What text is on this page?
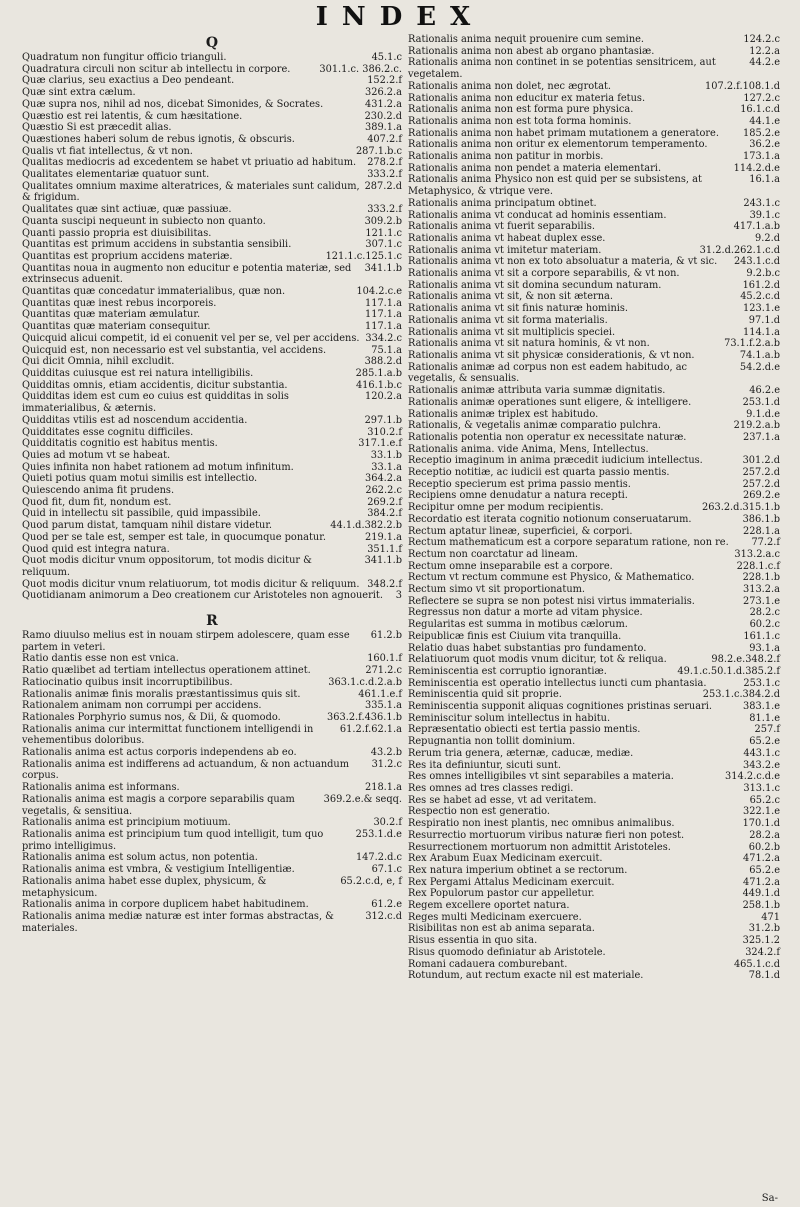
INDEX
Q
45.1.c
Quadratum non fungitur officio trianguli.
301.1.c. 386.2.c.
Quadratura circuli non scitur ab intellectu in corpore.
152.2.f
Quæ clarius, seu exactius a Deo pendeant.
326.2.a
Quæ sint extra cælum.
431.2.a
Quæ supra nos, nihil ad nos, dicebat Simonides, & Socrates.
230.2.d
Quæstio est rei latentis, & cum hæsitatione.
389.1.a
Quæstio Si est præcedit alias.
407.2.f
Quæstiones haberi solum de rebus ignotis, & obscuris.
287.1.b.c
Qualis vt fiat intellectus, & vt non.
278.2.f
Qualitas mediocris ad excedentem se habet vt priuatio ad habitum.
333.2.f
Qualitates elementariæ quatuor sunt.
287.2.d
Qualitates omnium maxime alteratrices, & materiales sunt calidum, & frigidum.
333.2.f
Qualitates quæ sint actiuæ, quæ passiuæ.
309.2.b
Quanta suscipi nequeunt in subiecto non quanto.
121.1.c
Quanti passio propria est diuisibilitas.
307.1.c
Quantitas est primum accidens in substantia sensibili.
121.1.c.125.1.c
Quantitas est proprium accidens materiæ.
341.1.b
Quantitas noua in augmento non educitur e potentia materiæ, sed extrinsecus aduenit.
104.2.c.e
Quantitas quæ concedatur immaterialibus, quæ non.
117.1.a
Quantitas quæ inest rebus incorporeis.
117.1.a
Quantitas quæ materiam æmulatur.
117.1.a
Quantitas quæ materiam consequitur.
334.2.c
Quicquid alicui competit, id ei conuenit vel per se, vel per accidens.
75.1.a
Quicquid est, non necessario est vel substantia, vel accidens.
388.2.d
Qui dicit Omnia, nihil excludit.
285.1.a.b
Quidditas cuiusque est rei natura intelligibilis.
416.1.b.c
Quidditas omnis, etiam accidentis, dicitur substantia.
120.2.a
Quidditas idem est cum eo cuius est quidditas in solis immaterialibus, & æternis.
297.1.b
Quidditas vtilis est ad noscendum accidentia.
310.2.f
Quidditates esse cognitu difficiles.
317.1.e.f
Quidditatis cognitio est habitus mentis.
33.1.b
Quies ad motum vt se habeat.
33.1.a
Quies infinita non habet rationem ad motum infinitum.
364.2.a
Quieti potius quam motui similis est intellectio.
262.2.c
Quiescendo anima fit prudens.
269.2.f
Quod fit, dum fit, nondum est.
384.2.f
Quid in intellectu sit passibile, quid impassibile.
44.1.d.382.2.b
Quod parum distat, tamquam nihil distare videtur.
219.1.a
Quod per se tale est, semper est tale, in quocumque ponatur.
351.1.f
Quod quid est integra natura.
341.1.b
Quot modis dicitur vnum oppositorum, tot modis dicitur & reliquum.
348.2.f
Quot modis dicitur vnum relatiuorum, tot modis dicitur & reliquum.
3
Quotidianam animorum a Deo creationem cur Aristoteles non agnouerit.
R
61.2.b
Ramo diuulso melius est in nouam stirpem adolescere, quam esse partem in veteri.
160.1.f
Ratio dantis esse non est vnica.
271.2.c
Ratio quælibet ad tertiam intellectus operationem attinet.
363.1.c.d.2.a.b
Ratiocinatio quibus insit incorruptibilibus.
461.1.e.f
Rationalis animæ finis moralis præstantissimus quis sit.
335.1.a
Rationalem animam non corrumpi per accidens.
363.2.f.436.1.b
Rationales Porphyrio sumus nos, & Dii, & quomodo.
61.2.f.62.1.a
Rationalis anima cur intermittat functionem intelligendi in vehementibus doloribus.
43.2.b
Rationalis anima est actus corporis independens ab eo.
31.2.c
Rationalis anima est indifferens ad actuandum, & non actuandum corpus.
218.1.a
Rationalis anima est informans.
369.2.e.& seqq.
Rationalis anima est magis a corpore separabilis quam vegetalis, & sensitiua.
30.2.f
Rationalis anima est principium motiuum.
253.1.d.e
Rationalis anima est principium tum quod intelligit, tum quo primo intelligimus.
147.2.d.c
Rationalis anima est solum actus, non potentia.
67.1.c
Rationalis anima est vmbra, & vestigium Intelligentiæ.
65.2.c.d, e, f
Rationalis anima habet esse duplex, physicum, & metaphysicum.
61.2.e
Rationalis anima in corpore duplicem habet habitudinem.
312.c.d
Rationalis anima mediæ naturæ est inter formas abstractas, & materiales.
124.2.c
Rationalis anima nequit prouenire cum semine.
12.2.a
Rationalis anima non abest ab organo phantasiæ.
44.2.e
Rationalis anima non continet in se potentias sensitricem, aut vegetalem.
107.2.f.108.1.d
Rationalis anima non dolet, nec ægrotat.
127.2.c
Rationalis anima non educitur ex materia fetus.
16.1.c.d
Rationalis anima non est forma pure physica.
44.1.e
Rationalis anima non est tota forma hominis.
185.2.e
Rationalis anima non habet primam mutationem a generatore.
36.2.e
Rationalis anima non oritur ex elementorum temperamento.
173.1.a
Rationalis anima non patitur in morbis.
114.2.d.e
Rationalis anima non pendet a materia elementari.
16.1.a
Rationalis anima Physico non est quid per se subsistens, at Metaphysico, & vtrique vere.
243.1.c
Rationalis anima principatum obtinet.
39.1.c
Rationalis anima vt conducat ad hominis essentiam.
417.1.a.b
Rationalis anima vt fuerit separabilis.
9.2.d
Rationalis anima vt habeat duplex esse.
31.2.d.262.1.c.d
Rationalis anima vt imitetur materiam.
243.1.c.d
Rationalis anima vt non ex toto absoluatur a materia, & vt sic.
9.2.b.c
Rationalis anima vt sit a corpore separabilis, & vt non.
161.2.d
Rationalis anima vt sit domina secundum naturam.
45.2.c.d
Rationalis anima vt sit, & non sit æterna.
123.1.e
Rationalis anima vt sit finis naturæ hominis.
97.1.d
Rationalis anima vt sit forma materialis.
114.1.a
Rationalis anima vt sit multiplicis speciei.
73.1.f.2.a.b
Rationalis anima vt sit natura hominis, & vt non.
74.1.a.b
Rationalis anima vt sit physicæ considerationis, & vt non.
54.2.d.e
Rationalis animæ ad corpus non est eadem habitudo, ac vegetalis, & sensualis.
46.2.e
Rationalis animæ attributa varia summæ dignitatis.
253.1.d
Rationalis animæ operationes sunt eligere, & intelligere.
9.1.d.e
Rationalis animæ triplex est habitudo.
219.2.a.b
Rationalis, & vegetalis animæ comparatio pulchra.
237.1.a
Rationalis potentia non operatur ex necessitate naturæ.
Rationalis anima. vide Anima, Mens, Intellectus.
301.2.d
Receptio imaginum in anima præcedit iudicium intellectus.
257.2.d
Receptio notitiæ, ac iudicii est quarta passio mentis.
257.2.d
Receptio specierum est prima passio mentis.
269.2.e
Recipiens omne denudatur a natura recepti.
263.2.d.315.1.b
Recipitur omne per modum recipientis.
386.1.b
Recordatio est iterata cognitio notionum conseruatarum.
228.1.a
Rectum aptatur lineæ, superficiei, & corpori.
77.2.f
Rectum mathematicum est a corpore separatum ratione, non re.
313.2.a.c
Rectum non coarctatur ad lineam.
228.1.c.f
Rectum omne inseparabile est a corpore.
228.1.b
Rectum vt rectum commune est Physico, & Mathematico.
313.2.a
Rectum simo vt sit proportionatum.
273.1.e
Reflectere se supra se non potest nisi virtus immaterialis.
28.2.c
Regressus non datur a morte ad vitam physice.
60.2.c
Regularitas est summa in motibus cælorum.
161.1.c
Reipublicæ finis est Ciuium vita tranquilla.
93.1.a
Relatio duas habet substantias pro fundamento.
98.2.e.348.2.f
Relatiuorum quot modis vnum dicitur, tot & reliqua.
49.1.c.50.1.d.385.2.f
Reminiscentia est corruptio ignorantiæ.
253.1.c
Reminiscentia est operatio intellectus iuncti cum phantasia.
253.1.c.384.2.d
Reminiscentia quid sit proprie.
383.1.e
Reminiscentia supponit aliquas cognitiones pristinas seruari.
81.1.e
Reminiscitur solum intellectus in habitu.
257.f
Repræsentatio obiecti est tertia passio mentis.
65.2.e
Repugnantia non tollit dominium.
443.1.c
Rerum tria genera, æternæ, caducæ, mediæ.
343.2.e
Res ita definiuntur, sicuti sunt.
314.2.c.d.e
Res omnes intelligibiles vt sint separabiles a materia.
313.1.c
Res omnes ad tres classes redigi.
65.2.c
Res se habet ad esse, vt ad veritatem.
322.1.e
Respectio non est generatio.
170.1.d
Respiratio non inest plantis, nec omnibus animalibus.
28.2.a
Resurrectio mortuorum viribus naturæ fieri non potest.
60.2.b
Resurrectionem mortuorum non admittit Aristoteles.
471.2.a
Rex Arabum Euax Medicinam exercuit.
65.2.e
Rex natura imperium obtinet a se rectorum.
471.2.a
Rex Pergami Attalus Medicinam exercuit.
449.1.d
Rex Populorum pastor cur appelletur.
258.1.b
Regem excellere oportet natura.
471
Reges multi Medicinam exercuere.
31.2.b
Risibilitas non est ab anima separata.
325.1.2
Risus essentia in quo sita.
324.2.f
Risus quomodo definiatur ab Aristotele.
465.1.c.d
Romani cadauera comburebant.
78.1.d
Rotundum, aut rectum exacte nil est materiale.
Sa-
